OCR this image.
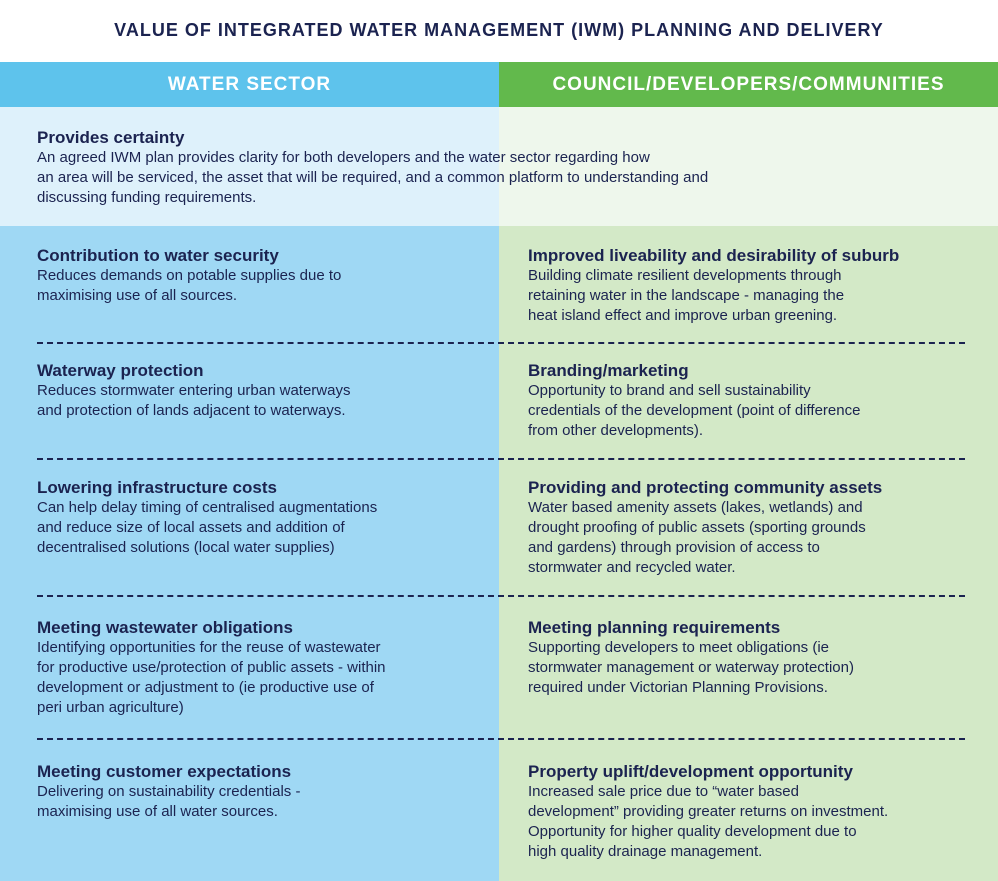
VALUE OF INTEGRATED WATER MANAGEMENT (IWM) PLANNING AND DELIVERY
WATER SECTOR	COUNCIL/DEVELOPERS/COMMUNITIES
Provides certainty
An agreed IWM plan provides clarity for both developers and the water sector regarding how
an area will be serviced, the asset that will be required, and a common platform to understanding and
discussing funding requirements.
Contribution to water security
Reduces demands on potable supplies due to
maximising use of all sources.
Improved liveability and desirability of suburb
Building climate resilient developments through
retaining water in the landscape - managing the
heat island effect and improve urban greening.
Waterway protection
Reduces stormwater entering urban waterways
and protection of lands adjacent to waterways.
Branding/marketing
Opportunity to brand and sell sustainability
credentials of the development (point of difference
from other developments).
Lowering infrastructure costs
Can help delay timing of centralised augmentations
and reduce size of local assets and addition of
decentralised solutions (local water supplies)
Providing and protecting community assets
Water based amenity assets (lakes, wetlands) and
drought proofing of public assets (sporting grounds
and gardens) through provision of access to
stormwater and recycled water.
Meeting wastewater obligations
Identifying opportunities for the reuse of wastewater
for productive use/protection of public assets - within
development or adjustment to (ie productive use of
peri urban agriculture)
Meeting planning requirements
Supporting developers to meet obligations (ie
stormwater management or waterway protection)
required under Victorian Planning Provisions.
Meeting customer expectations
Delivering on sustainability credentials -
maximising use of all water sources.
Property uplift/development opportunity
Increased sale price due to “water based
development” providing greater returns on investment.
Opportunity for higher quality development due to
high quality drainage management.
